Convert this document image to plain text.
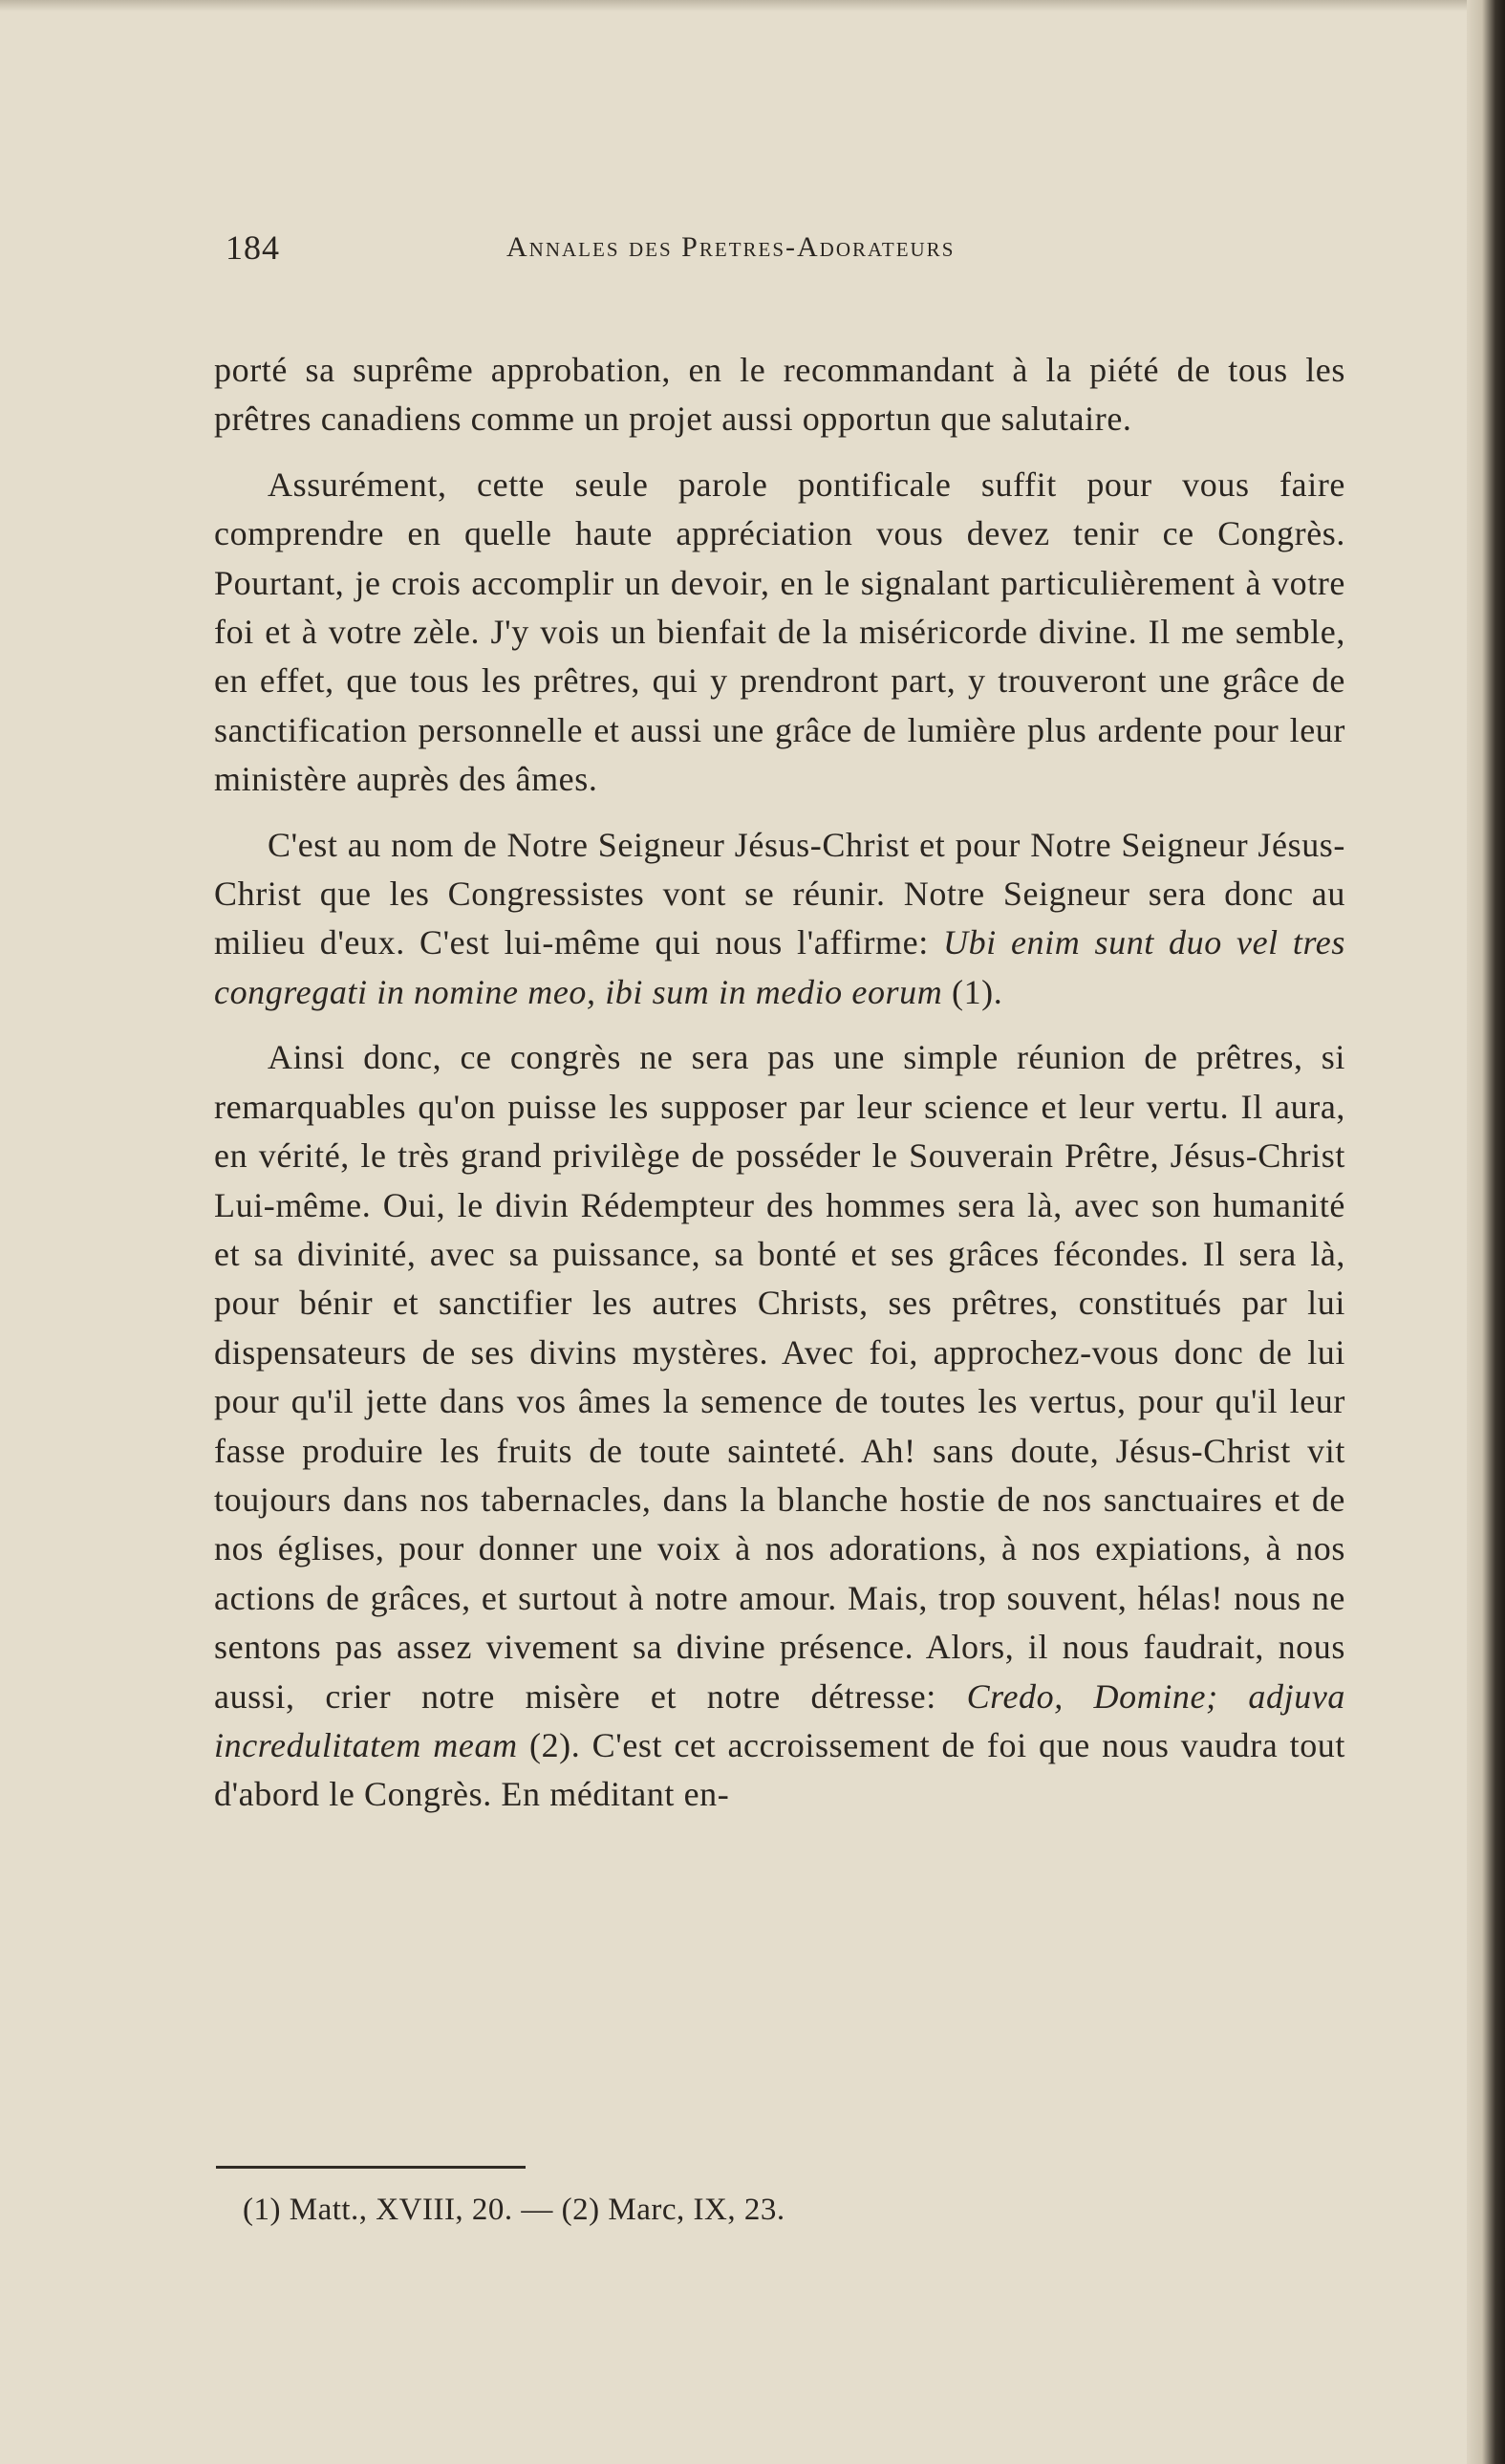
184	Annales des Pretres-Adorateurs

porté sa suprême approbation, en le recommandant à la piété de tous les prêtres canadiens comme un projet aussi opportun que salutaire.

Assurément, cette seule parole pontificale suffit pour vous faire comprendre en quelle haute appréciation vous devez tenir ce Congrès. Pourtant, je crois accomplir un devoir, en le signalant particulièrement à votre foi et à votre zèle. J'y vois un bienfait de la miséricorde divine. Il me semble, en effet, que tous les prêtres, qui y prendront part, y trouveront une grâce de sanctification personnelle et aussi une grâce de lumière plus ardente pour leur ministère auprès des âmes.

C'est au nom de Notre Seigneur Jésus-Christ et pour Notre Seigneur Jésus-Christ que les Congressistes vont se réunir. Notre Seigneur sera donc au milieu d'eux. C'est lui-même qui nous l'affirme: Ubi enim sunt duo vel tres congregati in nomine meo, ibi sum in medio eorum (1).

Ainsi donc, ce congrès ne sera pas une simple réunion de prêtres, si remarquables qu'on puisse les supposer par leur science et leur vertu. Il aura, en vérité, le très grand privilège de posséder le Souverain Prêtre, Jésus-Christ Lui-même. Oui, le divin Rédempteur des hommes sera là, avec son humanité et sa divinité, avec sa puissance, sa bonté et ses grâces fécondes. Il sera là, pour bénir et sanctifier les autres Christs, ses prêtres, constitués par lui dispensateurs de ses divins mystères. Avec foi, approchez-vous donc de lui pour qu'il jette dans vos âmes la semence de toutes les vertus, pour qu'il leur fasse produire les fruits de toute sainteté. Ah! sans doute, Jésus-Christ vit toujours dans nos tabernacles, dans la blanche hostie de nos sanctuaires et de nos églises, pour donner une voix à nos adorations, à nos expiations, à nos actions de grâces, et surtout à notre amour. Mais, trop souvent, hélas! nous ne sentons pas assez vivement sa divine présence. Alors, il nous faudrait, nous aussi, crier notre misère et notre détresse: Credo, Domine; adjuva incredulitatem meam (2). C'est cet accroissement de foi que nous vaudra tout d'abord le Congrès. En méditant en-

(1) Matt., XVIII, 20. — (2) Marc, IX, 23.
